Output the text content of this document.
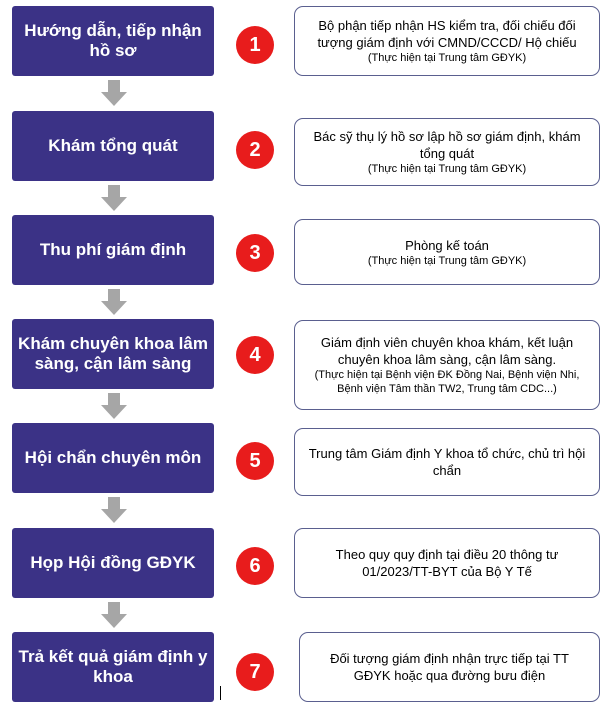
Hướng dẫn, tiếp nhận hồ sơ
Khám tổng quát
Thu phí giám định
Khám chuyên khoa lâm sàng, cận lâm sàng
Hội chẩn chuyên môn
Họp Hội đồng GĐYK
Trả kết quả giám định y khoa
1
2
3
4
5
6
7
Bộ phận tiếp nhận HS kiểm tra, đối chiếu đối tượng giám định với CMND/CCCD/ Hộ chiếu
(Thực hiện tại Trung tâm GĐYK)
Bác sỹ thụ lý hồ sơ lập hồ sơ giám định, khám tổng quát
(Thực hiện tại Trung tâm GĐYK)
Phòng kế toán
(Thực hiện tại Trung tâm GĐYK)
Giám định viên chuyên khoa khám, kết luận chuyên khoa lâm sàng, cận lâm sàng.
(Thực hiện tại Bệnh viện ĐK Đồng Nai, Bệnh viện Nhi, Bệnh viện Tâm thần TW2, Trung tâm CDC...)
Trung tâm Giám định Y khoa tổ chức, chủ trì hội chẩn
Theo quy quy định tại điều 20 thông tư 01/2023/TT-BYT của Bộ Y Tế
Đối tượng giám định nhận trực tiếp tại TT GĐYK hoặc qua đường bưu điện
